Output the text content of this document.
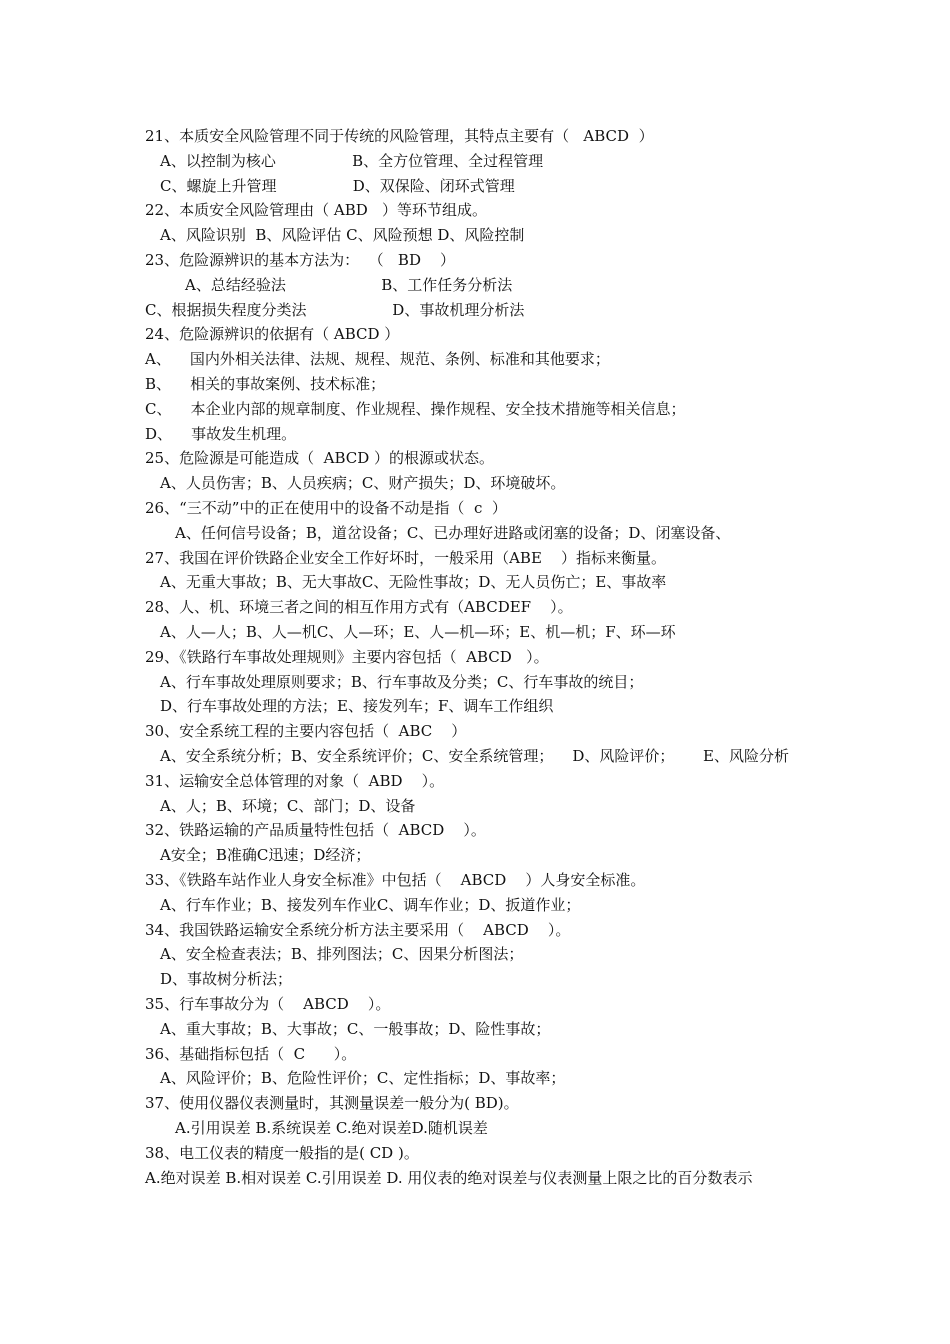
21、本质安全风险管理不同于传统的风险管理，其特点主要有（   ABCD  ）

A、以控制为核心                B、全方位管理、全过程管理

C、螺旋上升管理                D、双保险、闭环式管理

22、本质安全风险管理由（ ABD   ）等环节组成。

A、风险识别  B、风险评估 C、风险预想 D、风险控制

23、危险源辨识的基本方法为：  （   BD    ）

A、总结经验法                    B、工作任务分析法

C、根据损失程度分类法                  D、事故机理分析法

24、危险源辨识的依据有（ ABCD ）

A、    国内外相关法律、法规、规程、规范、条例、标准和其他要求；

B、    相关的事故案例、技术标准；

C、    本企业内部的规章制度、作业规程、操作规程、安全技术措施等相关信息；

D、    事故发生机理。

25、危险源是可能造成（  ABCD ）的根源或状态。

A、人员伤害；B、人员疾病；C、财产损失；D、环境破坏。

26、“三不动”中的正在使用中的设备不动是指（  c  ）

A、任何信号设备；B，道岔设备；C、已办理好进路或闭塞的设备；D、闭塞设备、

27、我国在评价铁路企业安全工作好坏时，一般采用（ABE    ）指标来衡量。

A、无重大事故；B、无大事故C、无险性事故；D、无人员伤亡；E、事故率

28、人、机、环境三者之间的相互作用方式有（ABCDEF    ）。

A、人—人；B、人—机C、人—环；E、人—机—环；E、机—机；F、环—环

29、《铁路行车事故处理规则》主要内容包括（  ABCD   ）。

A、行车事故处理原则要求；B、行车事故及分类；C、行车事故的统目；

D、行车事故处理的方法；E、接发列车；F、调车工作组织

30、安全系统工程的主要内容包括（  ABC    ）

A、安全系统分析；B、安全系统评价；C、安全系统管理；    D、风险评价；      E、风险分析

31、运输安全总体管理的对象（  ABD    ）。

A、人；B、环境；C、部门；D、设备

32、铁路运输的产品质量特性包括（  ABCD    ）。

A安全；B准确C迅速；D经济；

33、《铁路车站作业人身安全标准》中包括（    ABCD    ）人身安全标准。

A、行车作业；B、接发列车作业C、调车作业；D、扳道作业；

34、我国铁路运输安全系统分析方法主要采用（    ABCD    ）。

A、安全检查表法；B、排列图法；C、因果分析图法；

D、事故树分析法；

35、行车事故分为（    ABCD    ）。

A、重大事故；B、大事故；C、一般事故；D、险性事故；

36、基础指标包括（  C      ）。

A、风险评价；B、危险性评价；C、定性指标；D、事故率；

37、使用仪器仪表测量时，其测量误差一般分为( BD)。

A.引用误差 B.系统误差 C.绝对误差D.随机误差

38、电工仪表的精度一般指的是( CD )。

A.绝对误差 B.相对误差 C.引用误差 D. 用仪表的绝对误差与仪表测量上限之比的百分数表示
